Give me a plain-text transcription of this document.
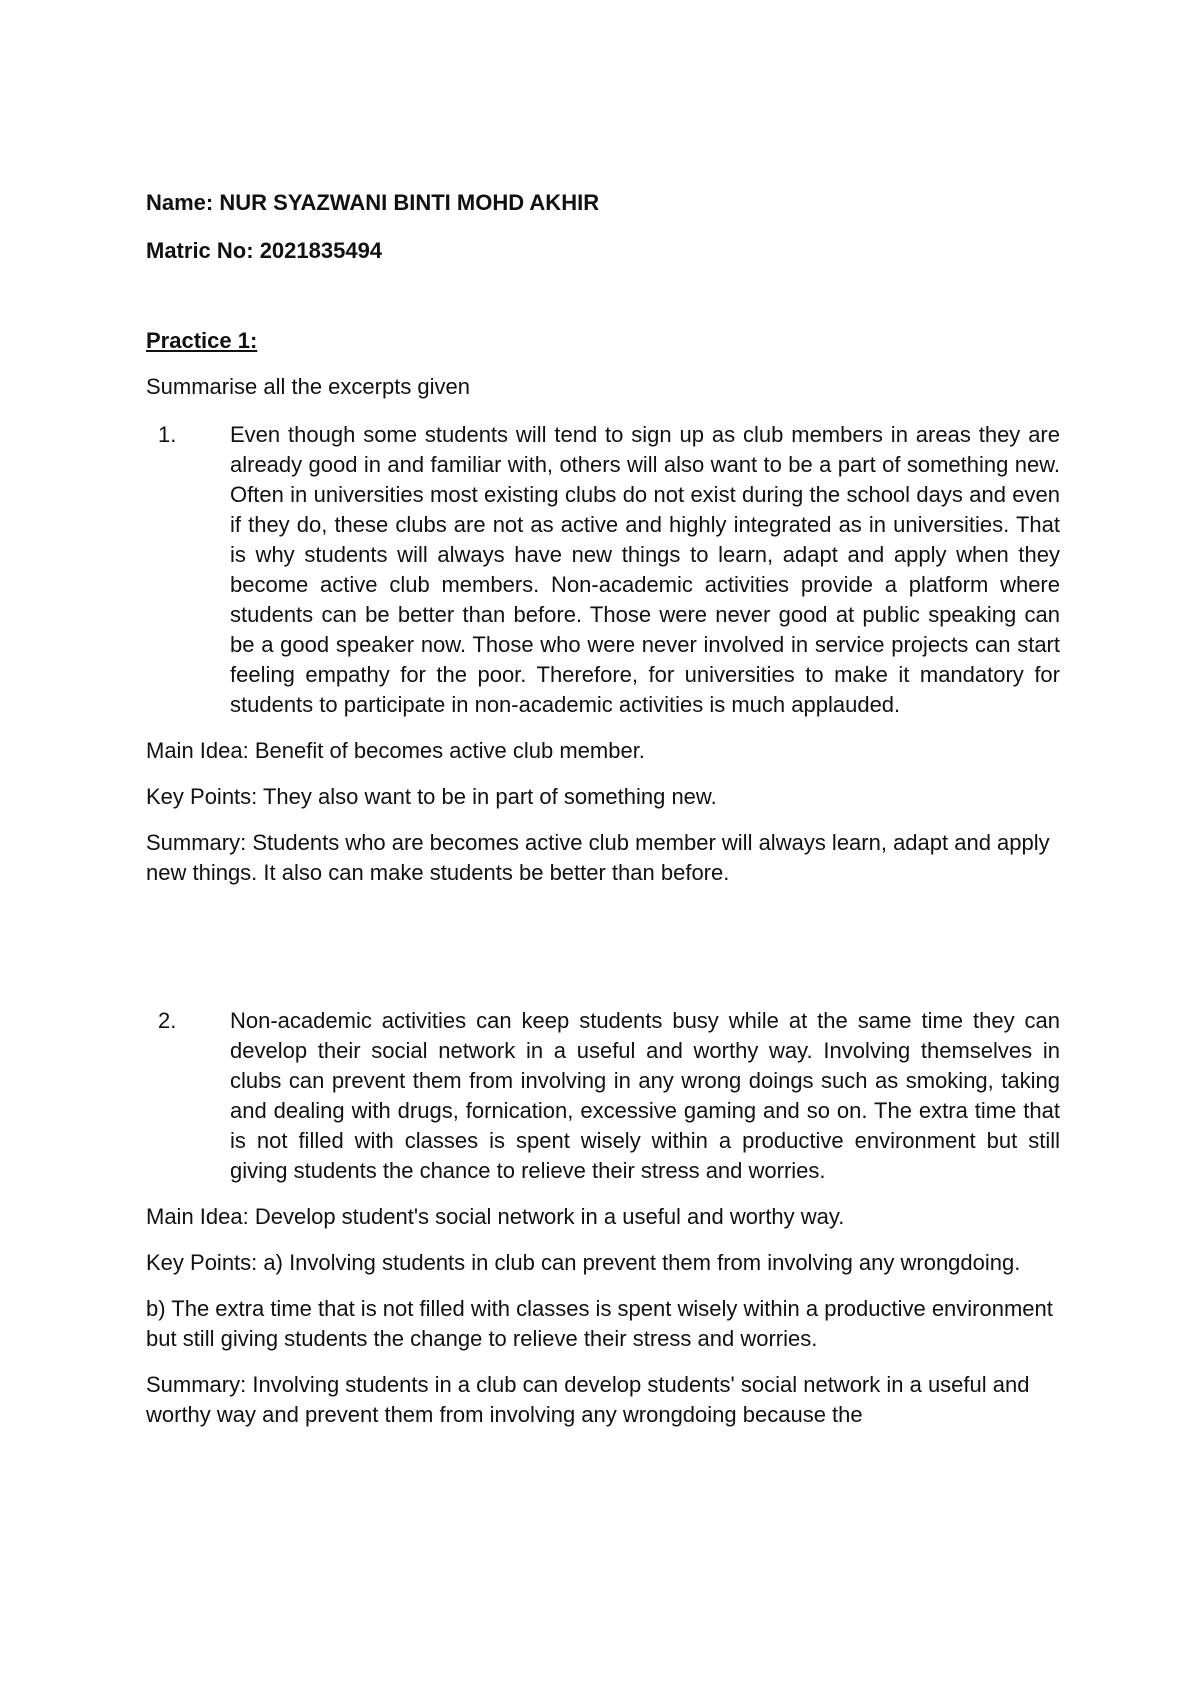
Name: NUR SYAZWANI BINTI MOHD AKHIR

Matric No: 2021835494

Practice 1:

Summarise all the excerpts given

1.	Even though some students will tend to sign up as club members in areas they are already good in and familiar with, others will also want to be a part of something new. Often in universities most existing clubs do not exist during the school days and even if they do, these clubs are not as active and highly integrated as in universities. That is why students will always have new things to learn, adapt and apply when they become active club members. Non-academic activities provide a platform where students can be better than before. Those were never good at public speaking can be a good speaker now. Those who were never involved in service projects can start feeling empathy for the poor. Therefore, for universities to make it mandatory for students to participate in non-academic activities is much applauded.

Main Idea: Benefit of becomes active club member.

Key Points: They also want to be in part of something new.

Summary: Students who are becomes active club member will always learn, adapt and apply new things. It also can make students be better than before.

2.	Non-academic activities can keep students busy while at the same time they can develop their social network in a useful and worthy way. Involving themselves in clubs can prevent them from involving in any wrong doings such as smoking, taking and dealing with drugs, fornication, excessive gaming and so on. The extra time that is not filled with classes is spent wisely within a productive environment but still giving students the chance to relieve their stress and worries.

Main Idea: Develop student's social network in a useful and worthy way.

Key Points: a) Involving students in club can prevent them from involving any wrongdoing.

b) The extra time that is not filled with classes is spent wisely within a productive environment but still giving students the change to relieve their stress and worries.

Summary: Involving students in a club can develop students' social network in a useful and worthy way and prevent them from involving any wrongdoing because the
